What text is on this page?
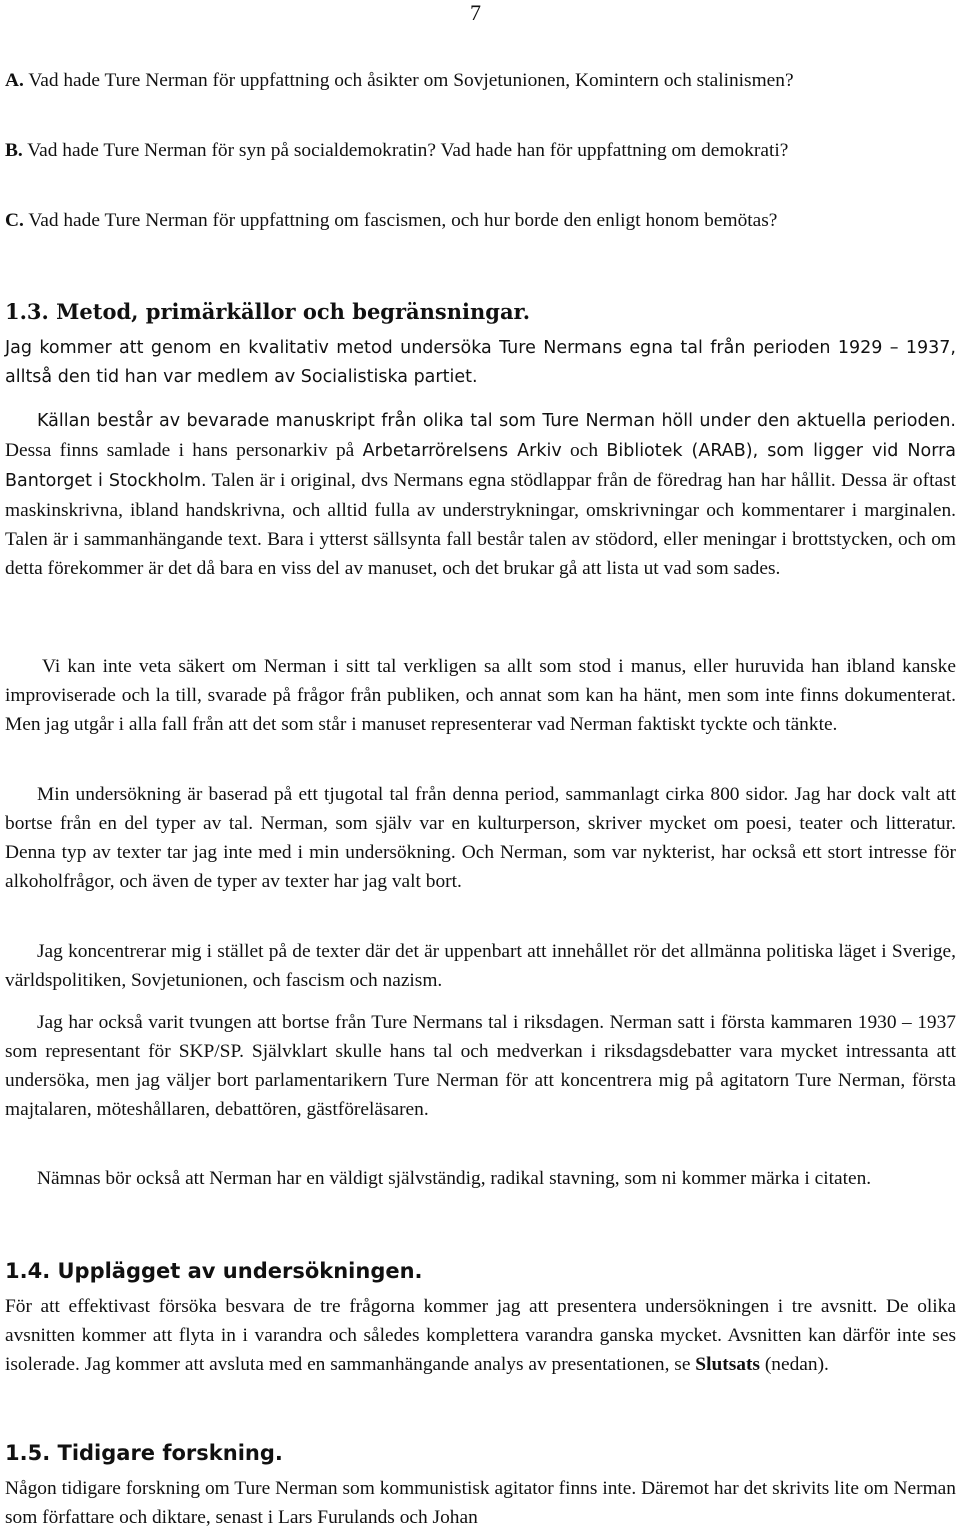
7

A. Vad hade Ture Nerman för uppfattning och åsikter om Sovjetunionen, Komintern och stalinismen?

B. Vad hade Ture Nerman för syn på socialdemokratin? Vad hade han för uppfattning om demokrati?

C. Vad hade Ture Nerman för uppfattning om fascismen, och hur borde den enligt honom bemötas?

1.3. Metod, primärkällor och begränsningar.

Jag kommer att genom en kvalitativ metod undersöka Ture Nermans egna tal från perioden 1929 – 1937, alltså den tid han var medlem av Socialistiska partiet.

Källan består av bevarade manuskript från olika tal som Ture Nerman höll under den aktuella perioden. Dessa finns samlade i hans personarkiv på Arbetarrörelsens Arkiv och Bibliotek (ARAB), som ligger vid Norra Bantorget i Stockholm. Talen är i original, dvs Nermans egna stödlappar från de föredrag han har hållit. Dessa är oftast maskinskrivna, ibland handskrivna, och alltid fulla av understrykningar, omskrivningar och kommentarer i marginalen. Talen är i sammanhängande text. Bara i ytterst sällsynta fall består talen av stödord, eller meningar i brottstycken, och om detta förekommer är det då bara en viss del av manuset, och det brukar gå att lista ut vad som sades.

Vi kan inte veta säkert om Nerman i sitt tal verkligen sa allt som stod i manus, eller huruvida han ibland kanske improviserade och la till, svarade på frågor från publiken, och annat som kan ha hänt, men som inte finns dokumenterat. Men jag utgår i alla fall från att det som står i manuset representerar vad Nerman faktiskt tyckte och tänkte.

Min undersökning är baserad på ett tjugotal tal från denna period, sammanlagt cirka 800 sidor. Jag har dock valt att bortse från en del typer av tal. Nerman, som själv var en kulturperson, skriver mycket om poesi, teater och litteratur. Denna typ av texter tar jag inte med i min undersökning. Och Nerman, som var nykterist, har också ett stort intresse för alkoholfrågor, och även de typer av texter har jag valt bort.

Jag koncentrerar mig i stället på de texter där det är uppenbart att innehållet rör det allmänna politiska läget i Sverige, världspolitiken, Sovjetunionen, och fascism och nazism.

Jag har också varit tvungen att bortse från Ture Nermans tal i riksdagen. Nerman satt i första kammaren 1930 – 1937 som representant för SKP/SP. Självklart skulle hans tal och medverkan i riksdagsdebatter vara mycket intressanta att undersöka, men jag väljer bort parlamentarikern Ture Nerman för att koncentrera mig på agitatorn Ture Nerman, första majtalaren, möteshållaren, debattören, gästföreläsaren.

Nämnas bör också att Nerman har en väldigt självständig, radikal stavning, som ni kommer märka i citaten.

1.4. Upplägget av undersökningen.

För att effektivast försöka besvara de tre frågorna kommer jag att presentera undersökningen i tre avsnitt. De olika avsnitten kommer att flyta in i varandra och således komplettera varandra ganska mycket. Avsnitten kan därför inte ses isolerade. Jag kommer att avsluta med en sammanhängande analys av presentationen, se Slutsats (nedan).

1.5. Tidigare forskning.

Någon tidigare forskning om Ture Nerman som kommunistisk agitator finns inte. Däremot har det skrivits lite om Nerman som författare och diktare, senast i Lars Furulands och Johan
